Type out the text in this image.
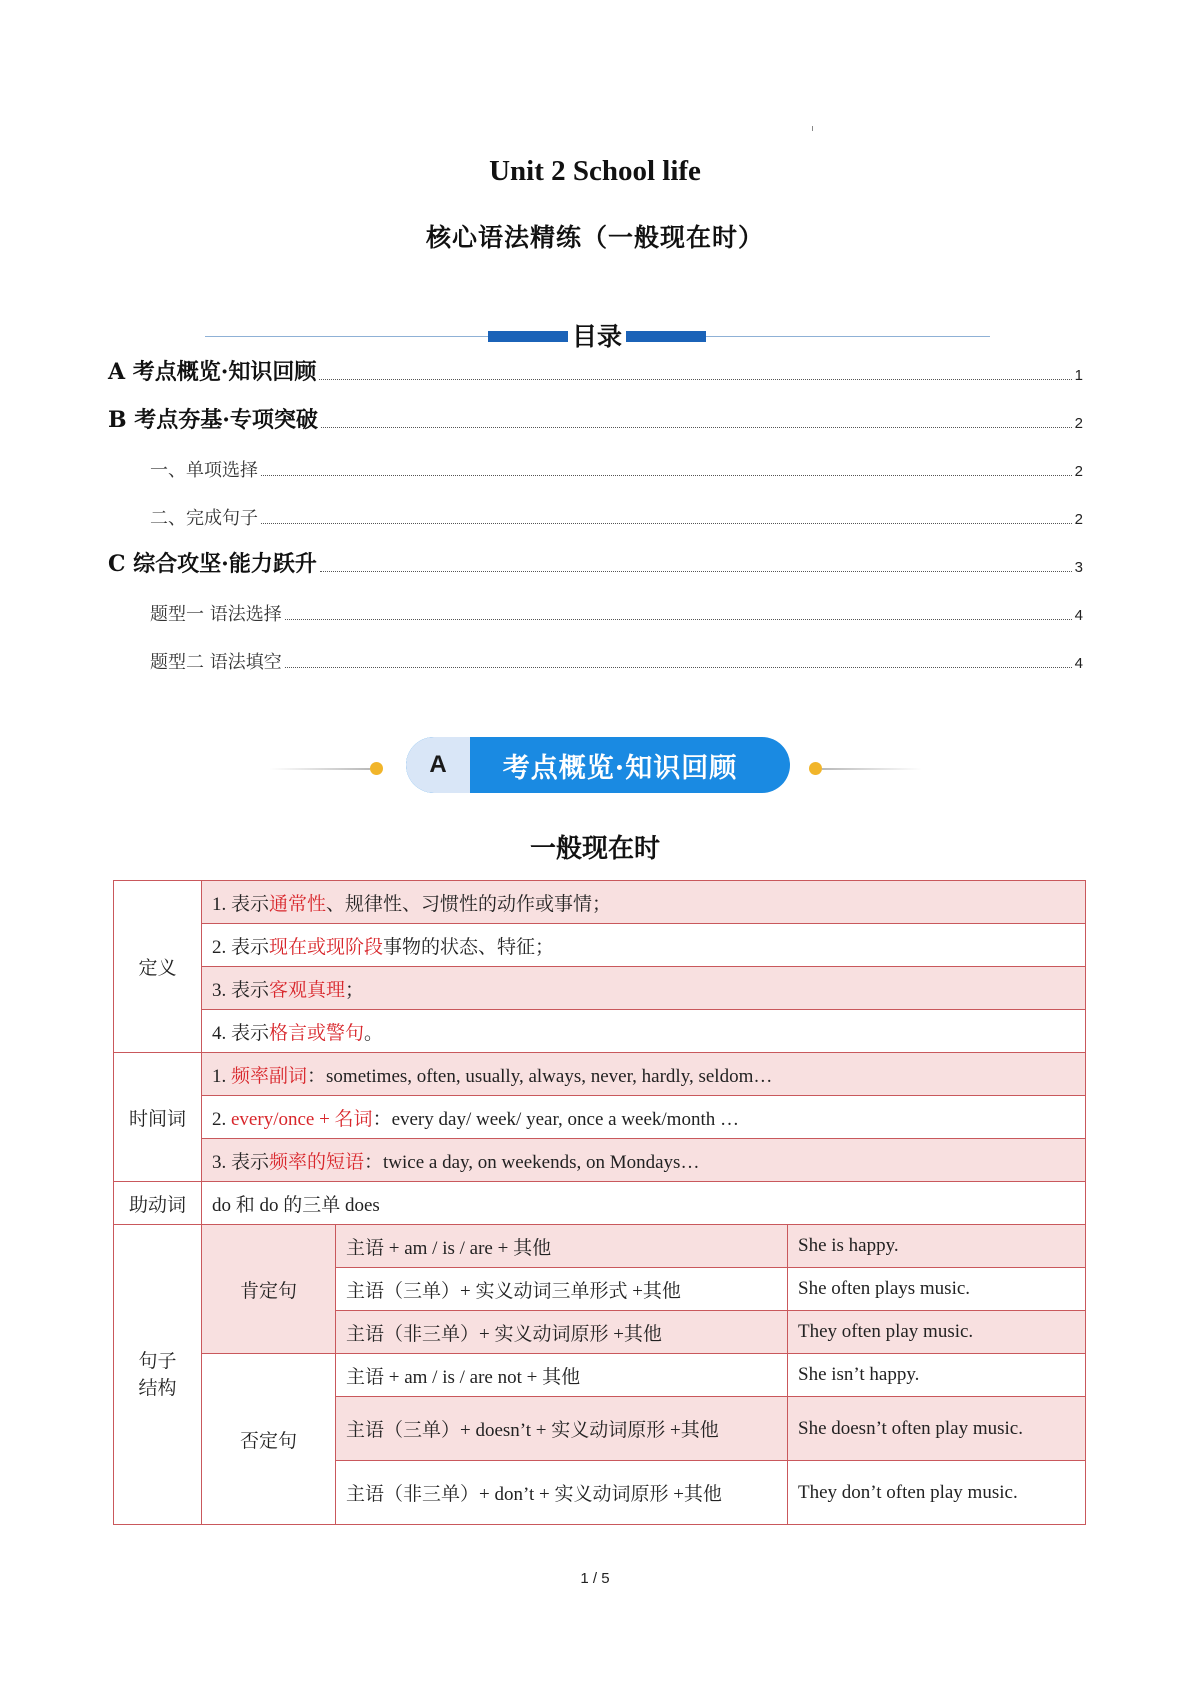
Unit 2 School life
核心语法精练（一般现在时）
目录
A 考点概览·知识回顾	1
B 考点夯基·专项突破	2
一、单项选择	2
二、完成句子	2
C 综合攻坚·能力跃升	3
题型一 语法选择	4
题型二 语法填空	4
A	考点概览·知识回顾
一般现在时
定义	1. 表示通常性、规律性、习惯性的动作或事情；		
	2. 表示现在或现阶段事物的状态、特征；		
	3. 表示客观真理；		
	4. 表示格言或警句。		
时间词	1. 频率副词：sometimes, often, usually, always, never, hardly, seldom…		
	2. every/once + 名词：every day/ week/ year, once a week/month …		
	3. 表示频率的短语：twice a day, on weekends, on Mondays…		
助动词	do 和 do 的三单 does		
句子
结构	肯定句	主语 + am / is / are + 其他	She is happy.
		主语（三单）+ 实义动词三单形式 +其他	She often plays music.
		主语（非三单）+ 实义动词原形 +其他	They often play music.
	否定句	主语 + am / is / are not + 其他	She isn’t happy.
		主语（三单）+ doesn’t + 实义动词原形 +其他	She doesn’t often play music.
		主语（非三单）+ don’t + 实义动词原形 +其他	They don’t often play music.
1 / 5
